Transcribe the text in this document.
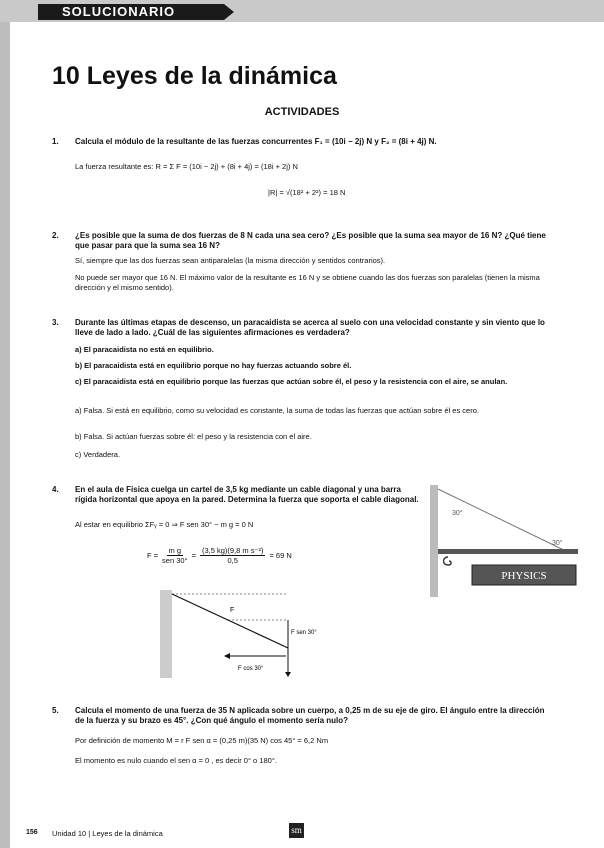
SOLUCIONARIO
10 Leyes de la dinámica
ACTIVIDADES
1. Calcula el módulo de la resultante de las fuerzas concurrentes F₁ = (10i − 2j) N y F₂ = (8i + 4j) N.
La fuerza resultante es: R = Σ F = (10i − 2j) + (8i + 4j) = (18i + 2j) N
|R| = √(18² + 2²) = 18 N
2. ¿Es posible que la suma de dos fuerzas de 8 N cada una sea cero? ¿Es posible que la suma sea mayor de 16 N? ¿Qué tiene que pasar para que la suma sea 16 N?
Sí, siempre que las dos fuerzas sean antiparalelas (la misma dirección y sentidos contrarios).
No puede ser mayor que 16 N. El máximo valor de la resultante es 16 N y se obtiene cuando las dos fuerzas son paralelas (tienen la misma dirección y el mismo sentido).
3. Durante las últimas etapas de descenso, un paracaidista se acerca al suelo con una velocidad constante y sin viento que lo lleve de lado a lado. ¿Cuál de las siguientes afirmaciones es verdadera?
a) El paracaidista no está en equilibrio.
b) El paracaidista está en equilibrio porque no hay fuerzas actuando sobre él.
c) El paracaidista está en equilibrio porque las fuerzas que actúan sobre él, el peso y la resistencia con el aire, se anulan.
a) Falsa. Si está en equilibrio, como su velocidad es constante, la suma de todas las fuerzas que actúan sobre él es cero.
b) Falsa. Si actúan fuerzas sobre él: el peso y la resistencia con el aire.
c) Verdadera.
4. En el aula de Física cuelga un cartel de 3,5 kg mediante un cable diagonal y una barra rígida horizontal que apoya en la pared. Determina la fuerza que soporta el cable diagonal.
Al estar en equilibrio ΣFᵧ = 0 ⇒ F sen 30° − m g = 0 N
F =
m g
sen 30°
= $\frac{\text{(3,5 kg)(9,8 m s⁻²)}}{0,5} = 69$ N
PHYSICS
30°
30°
F
F sen 30°
F cos 30°
5. Calcula el momento de una fuerza de 35 N aplicada sobre un cuerpo, a 0,25 m de su eje de giro. El ángulo entre la dirección de la fuerza y su brazo es 45°. ¿Con qué ángulo el momento sería nulo?
Por definición de momento M = r F sen α = (0,25 m)(35 N) cos 45° = 6,2 Nm
El momento es nulo cuando el sen α = 0 , es decir 0° o 180°.
156 Unidad 10 | Leyes de la dinámica	sm
